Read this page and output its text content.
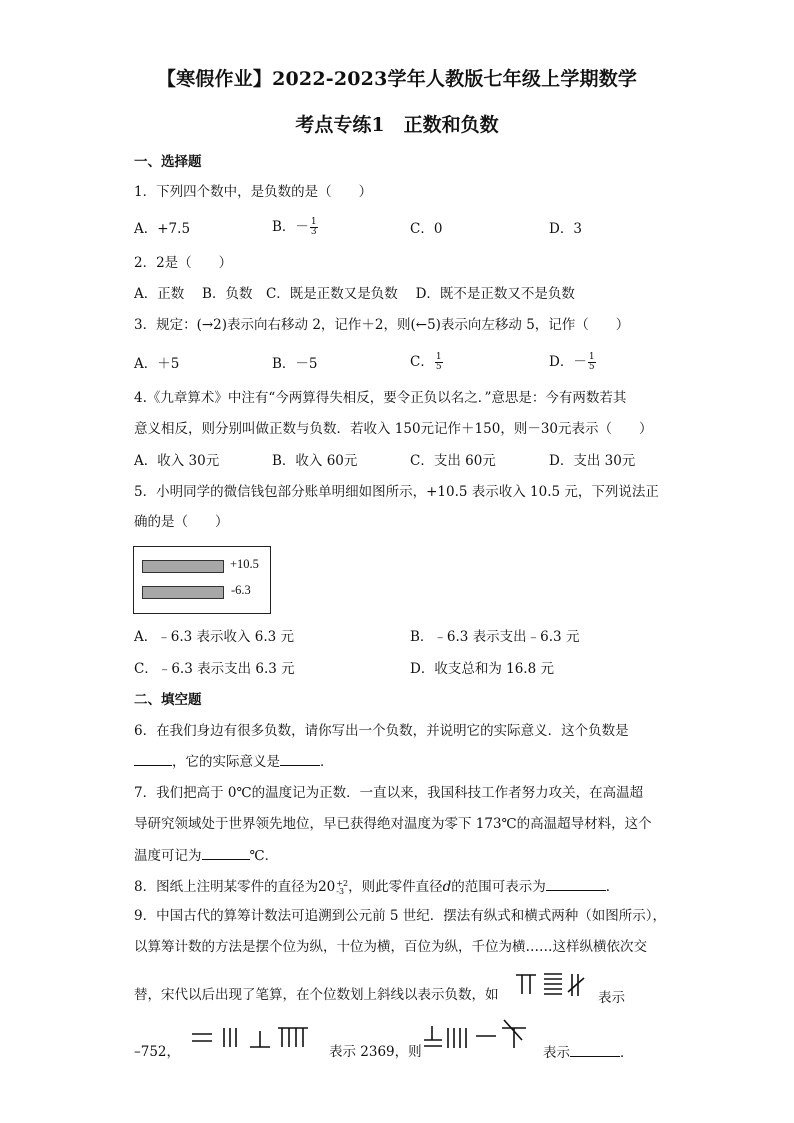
【寒假作业】2022-2023学年人教版七年级上学期数学
考点专练1　正数和负数
一、选择题
1．下列四个数中，是负数的是（　　）
A．+7.5	B．－ $\frac{1}{3}$	C．0	D．3
2．2是（　　）
A．正数　 B．负数　C．既是正数又是负数　 D．既不是正数又不是负数
3．规定：(→2)表示向右移动 2，记作＋2，则(←5)表示向左移动 5，记作（　　）
A．＋5	B．－5	C． $\frac{1}{5}$	D．－ $\frac{1}{5}$
4.《九章算术》中注有“今两算得失相反，要令正负以名之．”意思是：今有两数若其
意义相反，则分别叫做正数与负数．若收入 150元记作＋150，则－30元表示（　　）
A．收入 30元	B．收入 60元	C．支出 60元	D．支出 30元
5．小明同学的微信钱包部分账单明细如图所示，+10.5 表示收入 10.5 元，下列说法正
确的是（　　）
+10.5
-6.3
A．﹣6.3 表示收入 6.3 元	B．﹣6.3 表示支出﹣6.3 元
C．﹣6.3 表示支出 6.3 元	D．收支总和为 16.8 元
二、填空题
6．在我们身边有很多负数，请你写出一个负数，并说明它的实际意义．这个负数是
，它的实际意义是	．
7．我们把高于 0℃的温度记为正数．一直以来，我国科技工作者努力攻关，在高温超
导研究领域处于世界领先地位，早已获得绝对温度为零下 173℃的高温超导材料，这个
温度可记为	℃．
8．图纸上注明某零件的直径为20 +2
-3 ，则此零件直径d的范围可表示为	．
9．中国古代的算筹计数法可追溯到公元前 5 世纪．摆法有纵式和横式两种（如图所示），
以算筹计数的方法是摆个位为纵，十位为横，百位为纵，千位为横……这样纵横依次交
替，宋代以后出现了笔算，在个位数划上斜线以表示负数，如	表示
–752，	表示 2369，则	表示	．
